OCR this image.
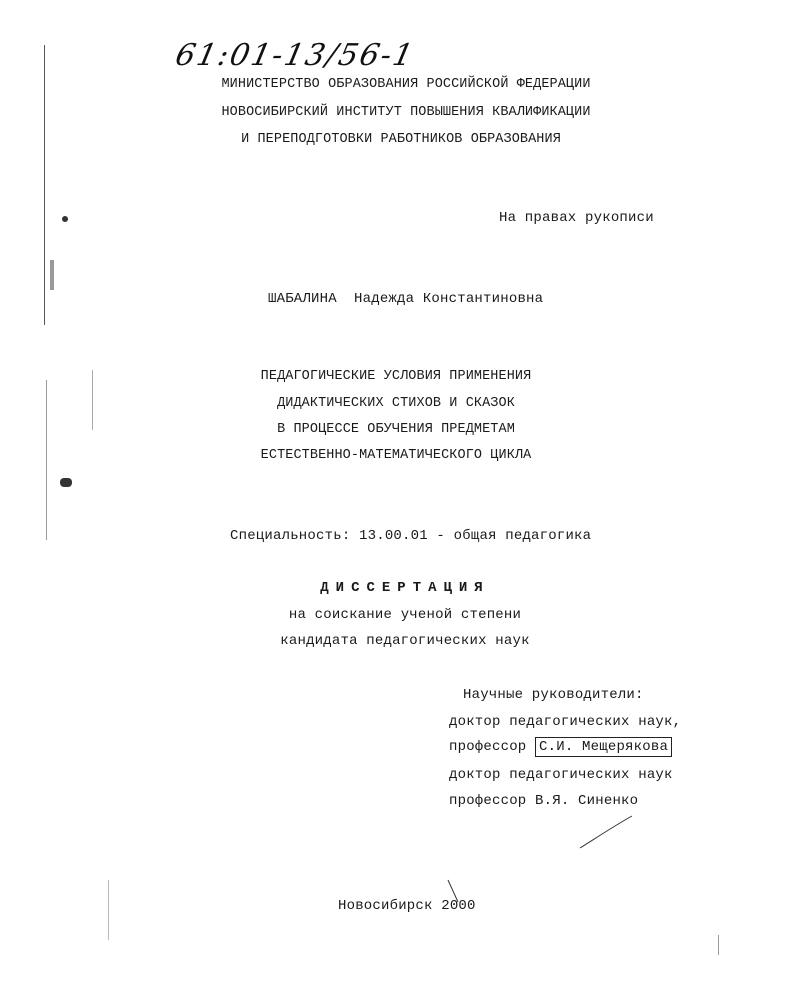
61:01-13/56-1
МИНИСТЕРСТВО ОБРАЗОВАНИЯ РОССИЙСКОЙ ФЕДЕРАЦИИ
НОВОСИБИРСКИЙ ИНСТИТУТ ПОВЫШЕНИЯ КВАЛИФИКАЦИИ
И ПЕРЕПОДГОТОВКИ РАБОТНИКОВ ОБРАЗОВАНИЯ
На правах рукописи
ШАБАЛИНА  Надежда Константиновна
ПЕДАГОГИЧЕСКИЕ УСЛОВИЯ ПРИМЕНЕНИЯ
ДИДАКТИЧЕСКИХ СТИХОВ И СКАЗОК
В ПРОЦЕССЕ ОБУЧЕНИЯ ПРЕДМЕТАМ
ЕСТЕСТВЕННО-МАТЕМАТИЧЕСКОГО ЦИКЛА
Специальность: 13.00.01 - общая педагогика
ДИССЕРТАЦИЯ
на соискание ученой степени
кандидата педагогических наук
Научные руководители:
доктор педагогических наук,
профессор С.И. Мещерякова
доктор педагогических наук
профессор В.Я. Синенко
Новосибирск 2000
